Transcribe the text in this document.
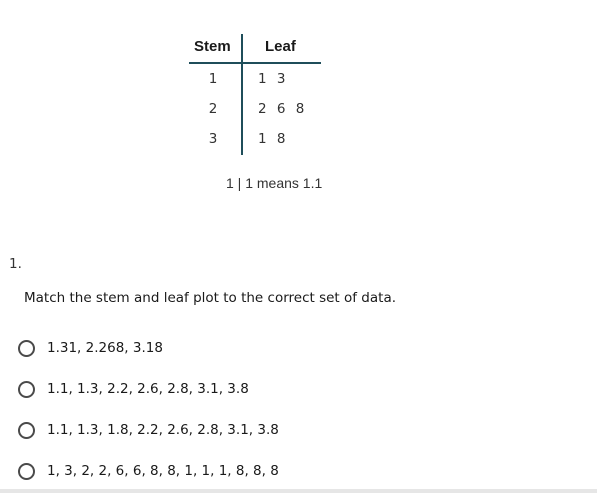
Stem Leaf
1	1 3
2	2 6 8
3	1 8
1 | 1 means 1.1
1.
Match the stem and leaf plot to the correct set of data.
1.31, 2.268, 3.18
1.1, 1.3, 2.2, 2.6, 2.8, 3.1, 3.8
1.1, 1.3, 1.8, 2.2, 2.6, 2.8, 3.1, 3.8
1, 3, 2, 2, 6, 6, 8, 8, 1, 1, 1, 8, 8, 8
